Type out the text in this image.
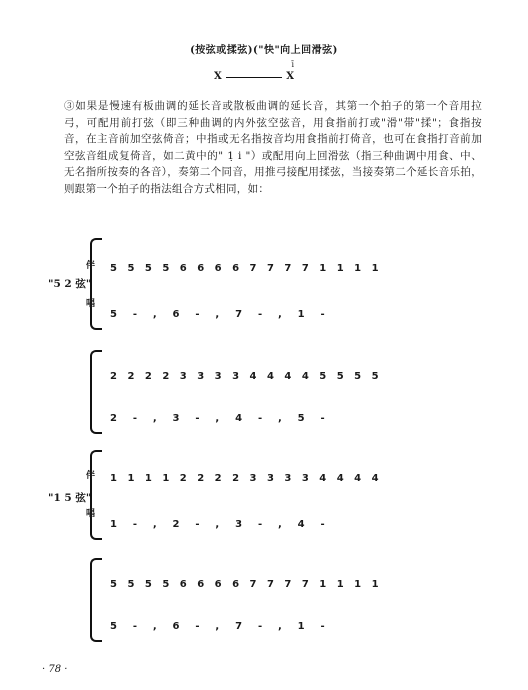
(按弦或揉弦)("快"向上回滑弦)
ī
X	X

③如果是慢速有板曲调的延长音或散板曲调的延长音，其第一个拍子的第一个音用拉弓，可配用前打弦（即三种曲调的内外弦空弦音，用食指前打或"滑"带"揉"；食指按音，在主音前加空弦倚音；中指或无名指按音均用食指前打倚音，也可在食指打音前加空弦音组成复倚音，如二黄中的" 1̣ i "）或配用向上回滑弦（指三种曲调中用食、中、无名指所按奏的各音），奏第二个同音，用推弓接配用揉弦，当接奏第二个延长音乐拍，则跟第一个拍子的指法组合方式相同，如：

"5 2 弦"
伴
唱
5 5 5 5 6 6 6 6 7 7 7 7 1 1 1 1
5 - , 6 - , 7 - , 1 -
2 2 2 2 3 3 3 3 4 4 4 4 5 5 5 5
2 - , 3 - , 4 - , 5 -
"1 5 弦"
伴
唱
1 1 1 1 2 2 2 2 3 3 3 3 4 4 4 4
1 - , 2 - , 3 - , 4 -
5 5 5 5 6 6 6 6 7 7 7 7 1 1 1 1
5 - , 6 - , 7 - , 1 -
· 78 ·
